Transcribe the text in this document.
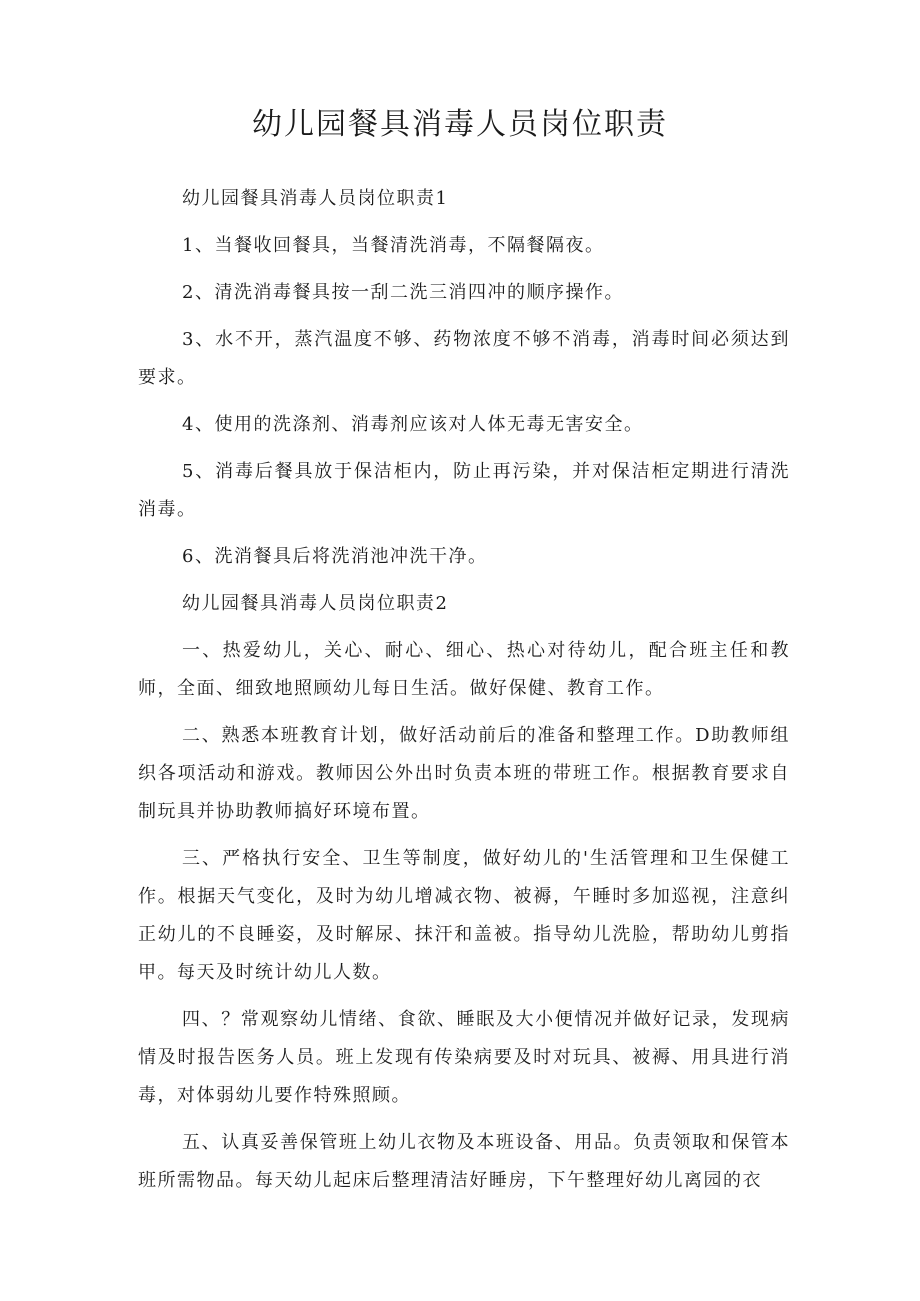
幼儿园餐具消毒人员岗位职责

幼儿园餐具消毒人员岗位职责1

1、当餐收回餐具，当餐清洗消毒，不隔餐隔夜。

2、清洗消毒餐具按一刮二洗三消四冲的顺序操作。

3、水不开，蒸汽温度不够、药物浓度不够不消毒，消毒时间必须达到要求。

4、使用的洗涤剂、消毒剂应该对人体无毒无害安全。

5、消毒后餐具放于保洁柜内，防止再污染，并对保洁柜定期进行清洗消毒。

6、洗消餐具后将洗消池冲洗干净。

幼儿园餐具消毒人员岗位职责2

一、热爱幼儿，关心、耐心、细心、热心对待幼儿，配合班主任和教师，全面、细致地照顾幼儿每日生活。做好保健、教育工作。

二、熟悉本班教育计划，做好活动前后的准备和整理工作。D助教师组织各项活动和游戏。教师因公外出时负责本班的带班工作。根据教育要求自制玩具并协助教师搞好环境布置。

三、严格执行安全、卫生等制度，做好幼儿的'生活管理和卫生保健工作。根据天气变化，及时为幼儿增减衣物、被褥，午睡时多加巡视，注意纠正幼儿的不良睡姿，及时解尿、抹汗和盖被。指导幼儿洗脸，帮助幼儿剪指甲。每天及时统计幼儿人数。

四、？常观察幼儿情绪、食欲、睡眠及大小便情况并做好记录，发现病情及时报告医务人员。班上发现有传染病要及时对玩具、被褥、用具进行消毒，对体弱幼儿要作特殊照顾。

五、认真妥善保管班上幼儿衣物及本班设备、用品。负责领取和保管本班所需物品。每天幼儿起床后整理清洁好睡房，下午整理好幼儿离园的衣
